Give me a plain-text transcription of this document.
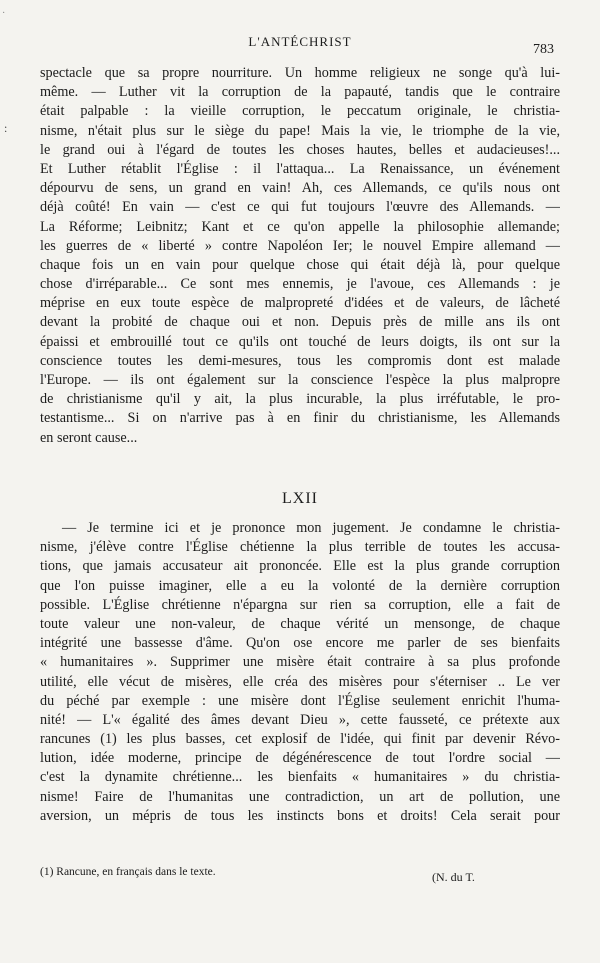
·
:
L'ANTÉCHRIST
783
spectacle que sa propre nourriture. Un homme religieux ne songe qu'à lui-
même. — Luther vit la corruption de la papauté, tandis que le contraire
était palpable : la vieille corruption, le peccatum originale, le christia-
nisme, n'était plus sur le siège du pape! Mais la vie, le triomphe de la vie,
le grand oui à l'égard de toutes les choses hautes, belles et audacieuses!...
Et Luther rétablit l'Église : il l'attaqua... La Renaissance, un événement
dépourvu de sens, un grand en vain! Ah, ces Allemands, ce qu'ils nous ont
déjà coûté! En vain — c'est ce qui fut toujours l'œuvre des Allemands. —
La Réforme; Leibnitz; Kant et ce qu'on appelle la philosophie allemande;
les guerres de « liberté » contre Napoléon Ier; le nouvel Empire allemand —
chaque fois un en vain pour quelque chose qui était déjà là, pour quelque
chose d'irréparable... Ce sont mes ennemis, je l'avoue, ces Allemands : je
méprise en eux toute espèce de malpropreté d'idées et de valeurs, de lâcheté
devant la probité de chaque oui et non. Depuis près de mille ans ils ont
épaissi et embrouillé tout ce qu'ils ont touché de leurs doigts, ils ont sur la
conscience toutes les demi-mesures, tous les compromis dont est malade
l'Europe. — ils ont également sur la conscience l'espèce la plus malpropre
de christianisme qu'il y ait, la plus incurable, la plus irréfutable, le pro-
testantisme... Si on n'arrive pas à en finir du christianisme, les Allemands
en seront cause...
LXII
— Je termine ici et je prononce mon jugement. Je condamne le christia-
nisme, j'élève contre l'Église chétienne la plus terrible de toutes les accusa-
tions, que jamais accusateur ait prononcée. Elle est la plus grande corruption
que l'on puisse imaginer, elle a eu la volonté de la dernière corruption
possible. L'Église chrétienne n'épargna sur rien sa corruption, elle a fait de
toute valeur une non-valeur, de chaque vérité un mensonge, de chaque
intégrité une bassesse d'âme. Qu'on ose encore me parler de ses bienfaits
« humanitaires ». Supprimer une misère était contraire à sa plus profonde
utilité, elle vécut de misères, elle créa des misères pour s'éterniser .. Le ver
du péché par exemple : une misère dont l'Église seulement enrichit l'huma-
nité! — L'« égalité des âmes devant Dieu », cette fausseté, ce prétexte aux
rancunes (1) les plus basses, cet explosif de l'idée, qui finit par devenir Révo-
lution, idée moderne, principe de dégénérescence de tout l'ordre social —
c'est la dynamite chrétienne... les bienfaits « humanitaires » du christia-
nisme! Faire de l'humanitas une contradiction, un art de pollution, une
aversion, un mépris de tous les instincts bons et droits! Cela serait pour
(1) Rancune, en français dans le texte.	(N. du T.
